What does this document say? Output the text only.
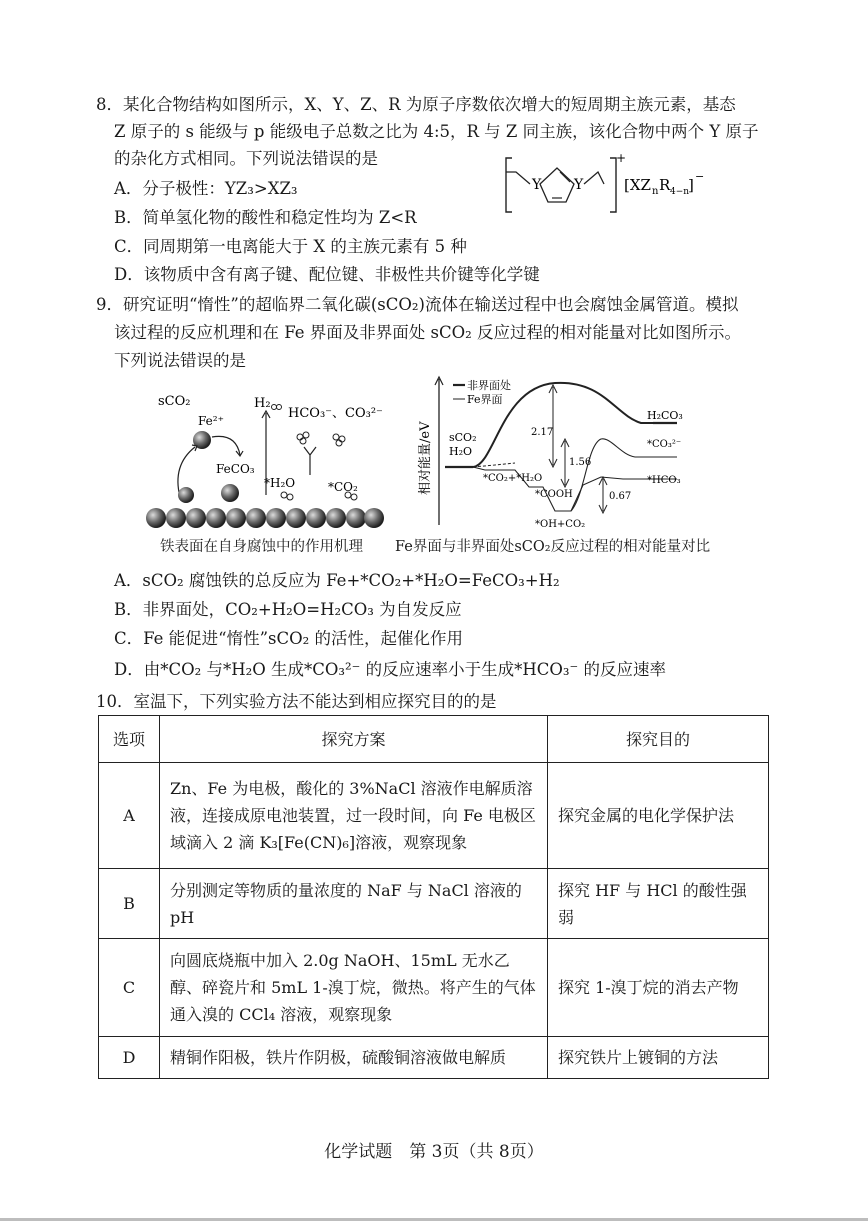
8．某化合物结构如图所示，X、Y、Z、R 为原子序数依次增大的短周期主族元素，基态
Z 原子的 s 能级与 p 能级电子总数之比为 4:5，R 与 Z 同主族，该化合物中两个 Y 原子
的杂化方式相同。下列说法错误的是
A．分子极性：YZ₃>XZ₃
B．简单氢化物的酸性和稳定性均为 Z<R
C．同周期第一电离能大于 X 的主族元素有 5 种
D．该物质中含有离子键、配位键、非极性共价键等化学键
Y Y
+
[XZ n R 4−n
] −
9．研究证明“惰性”的超临界二氧化碳(sCO₂)流体在输送过程中也会腐蚀金属管道。模拟
该过程的反应机理和在 Fe 界面及非界面处 sCO₂ 反应过程的相对能量对比如图所示。
下列说法错误的是
sCO₂
Fe²⁺
H₂
HCO₃⁻、CO₃²⁻
FeCO₃
*H₂O	*CO₂
铁表面在自身腐蚀中的作用机理
相对能量/eV
非界面处
Fe界面
sCO₂
H₂O
H₂CO₃
*CO₃²⁻
*HCO₃
*CO₂+*H₂O
*COOH
*OH+CO₂
2.17
1.56
0.67
Fe界面与非界面处sCO₂反应过程的相对能量对比
A．sCO₂ 腐蚀铁的总反应为 Fe+*CO₂+*H₂O=FeCO₃+H₂
B．非界面处，CO₂+H₂O=H₂CO₃ 为自发反应
C．Fe 能促进“惰性”sCO₂ 的活性，起催化作用
D．由*CO₂ 与*H₂O 生成*CO₃²⁻ 的反应速率小于生成*HCO₃⁻ 的反应速率
10．室温下，下列实验方法不能达到相应探究目的的是
选项	探究方案	探究目的
A	Zn、Fe 为电极，酸化的 3%NaCl 溶液作电解质溶液，连接成原电池装置，过一段时间，向 Fe 电极区域滴入 2 滴 K₃[Fe(CN)₆]溶液，观察现象	探究金属的电化学保护法
B	分别测定等物质的量浓度的 NaF 与 NaCl 溶液的 pH	探究 HF 与 HCl 的酸性强弱
C	向圆底烧瓶中加入 2.0g NaOH、15mL 无水乙醇、碎瓷片和 5mL 1-溴丁烷，微热。将产生的气体通入溴的 CCl₄ 溶液，观察现象	探究 1-溴丁烷的消去产物
D	精铜作阳极，铁片作阴极，硫酸铜溶液做电解质	探究铁片上镀铜的方法
化学试题　第 3页（共 8页）
